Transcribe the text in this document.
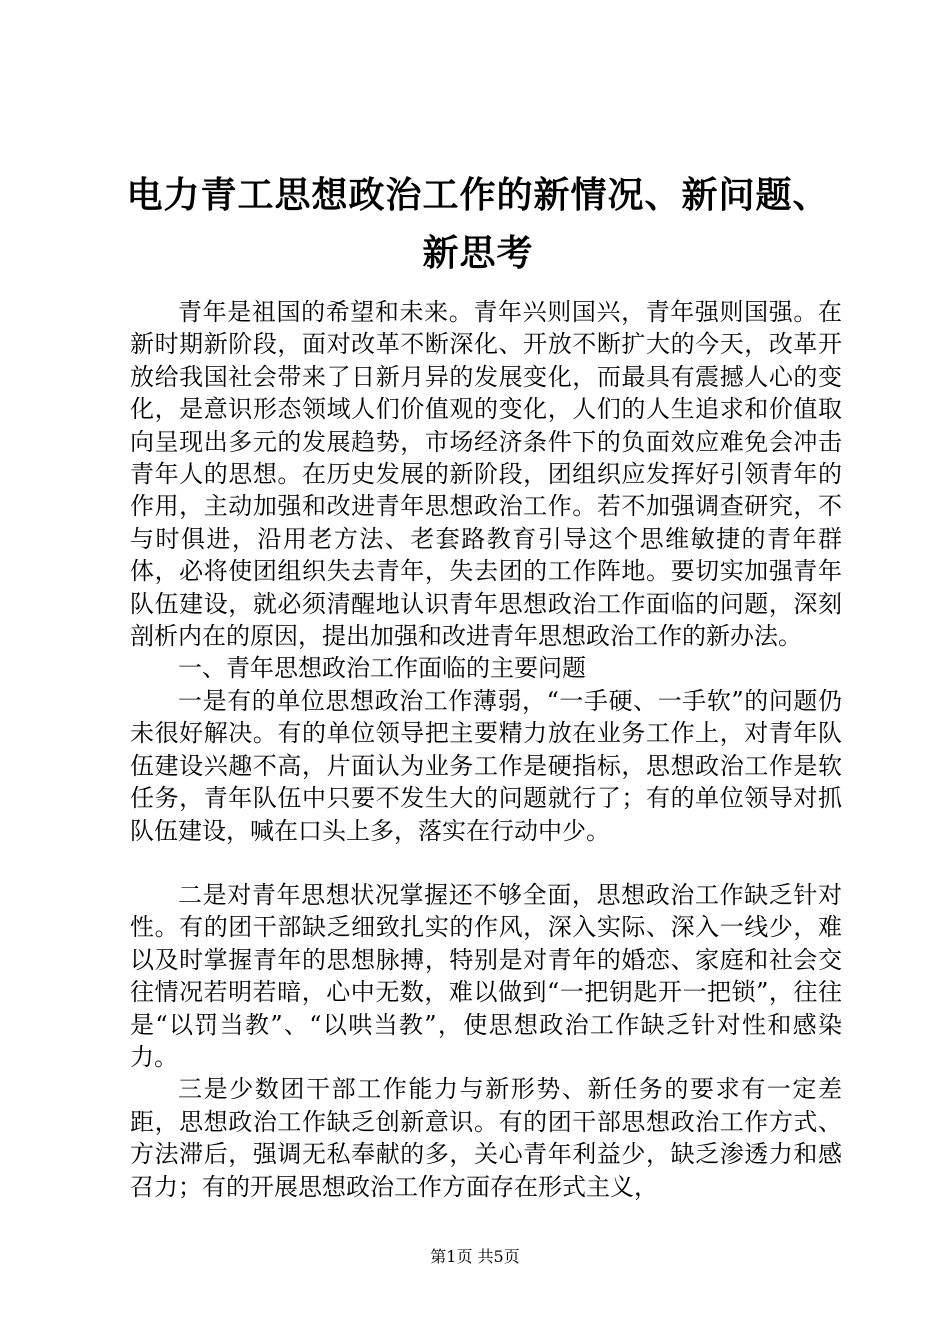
电力青工思想政治工作的新情况、新问题、新思考

青年是祖国的希望和未来。青年兴则国兴，青年强则国强。在新时期新阶段，面对改革不断深化、开放不断扩大的今天，改革开放给我国社会带来了日新月异的发展变化，而最具有震撼人心的变化，是意识形态领域人们价值观的变化，人们的人生追求和价值取向呈现出多元的发展趋势，市场经济条件下的负面效应难免会冲击青年人的思想。在历史发展的新阶段，团组织应发挥好引领青年的作用，主动加强和改进青年思想政治工作。若不加强调查研究，不与时俱进，沿用老方法、老套路教育引导这个思维敏捷的青年群体，必将使团组织失去青年，失去团的工作阵地。要切实加强青年队伍建设，就必须清醒地认识青年思想政治工作面临的问题，深刻剖析内在的原因，提出加强和改进青年思想政治工作的新办法。

一、青年思想政治工作面临的主要问题

一是有的单位思想政治工作薄弱，“一手硬、一手软”的问题仍未很好解决。有的单位领导把主要精力放在业务工作上，对青年队伍建设兴趣不高，片面认为业务工作是硬指标，思想政治工作是软任务，青年队伍中只要不发生大的问题就行了；有的单位领导对抓队伍建设，喊在口头上多，落实在行动中少。

二是对青年思想状况掌握还不够全面，思想政治工作缺乏针对性。有的团干部缺乏细致扎实的作风，深入实际、深入一线少，难以及时掌握青年的思想脉搏，特别是对青年的婚恋、家庭和社会交往情况若明若暗，心中无数，难以做到“一把钥匙开一把锁”，往往是“以罚当教”、“以哄当教”，使思想政治工作缺乏针对性和感染力。

三是少数团干部工作能力与新形势、新任务的要求有一定差距，思想政治工作缺乏创新意识。有的团干部思想政治工作方式、方法滞后，强调无私奉献的多，关心青年利益少，缺乏渗透力和感召力；有的开展思想政治工作方面存在形式主义，

第1页 共5页
